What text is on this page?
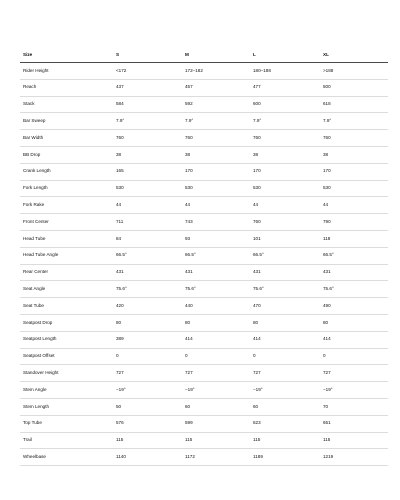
Size	S	M	L	XL
Rider Height	<172	172–182	180–188	>188
Reach	437	457	477	500
Stack	584	592	600	618
Bar Sweep	7.9°	7.9°	7.9°	7.9°
Bar Width	760	760	760	760
BB Drop	38	38	38	38
Crank Length	165	170	170	170
Fork Length	530	530	530	530
Fork Rake	44	44	44	44
Front Center	711	743	760	790
Head Tube	84	93	101	118
Head Tube Angle	66.5°	66.5°	66.5°	66.5°
Rear Center	431	431	431	431
Seat Angle	75.6°	75.6°	75.6°	75.6°
Seat Tube	420	440	470	490
Seatpost Drop	80	80	80	80
Seatpost Length	389	414	414	414
Seatpost Offset	0	0	0	0
Standover Height	727	727	727	727
Stem Angle	−19°	−19°	−19°	−19°
Stem Length	50	60	60	70
Top Tube	576	599	623	651
Trail	115	115	115	115
Wheelbase	1140	1172	1189	1219
